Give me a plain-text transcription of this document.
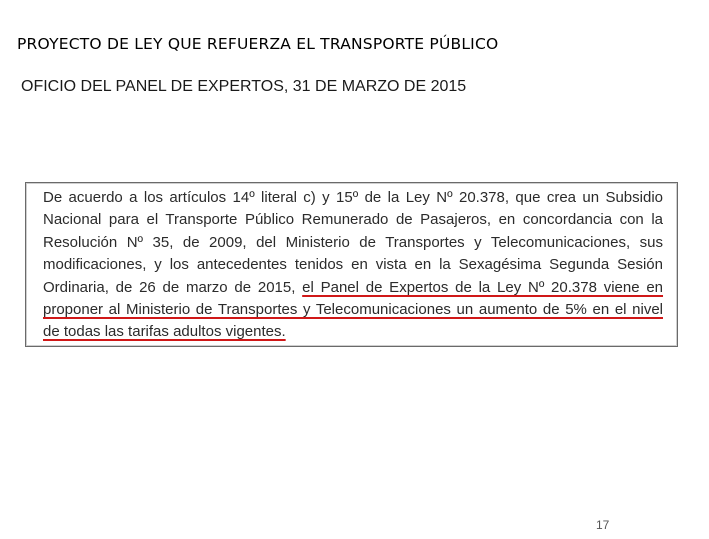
PROYECTO DE LEY QUE REFUERZA EL TRANSPORTE PÚBLICO
OFICIO DEL PANEL DE EXPERTOS, 31 DE MARZO DE 2015

De acuerdo a los artículos 14º literal c) y 15º de la Ley Nº 20.378, que crea un Subsidio Nacional para el Transporte Público Remunerado de Pasajeros, en concordancia con la Resolución Nº 35, de 2009, del Ministerio de Transportes y Telecomunicaciones, sus modificaciones, y los antecedentes tenidos en vista en la Sexagésima Segunda Sesión Ordinaria, de 26 de marzo de 2015, el Panel de Expertos de la Ley Nº 20.378 viene en proponer al Ministerio de Transportes y Telecomunicaciones un aumento de 5% en el nivel de todas las tarifas adultos vigentes.

17
